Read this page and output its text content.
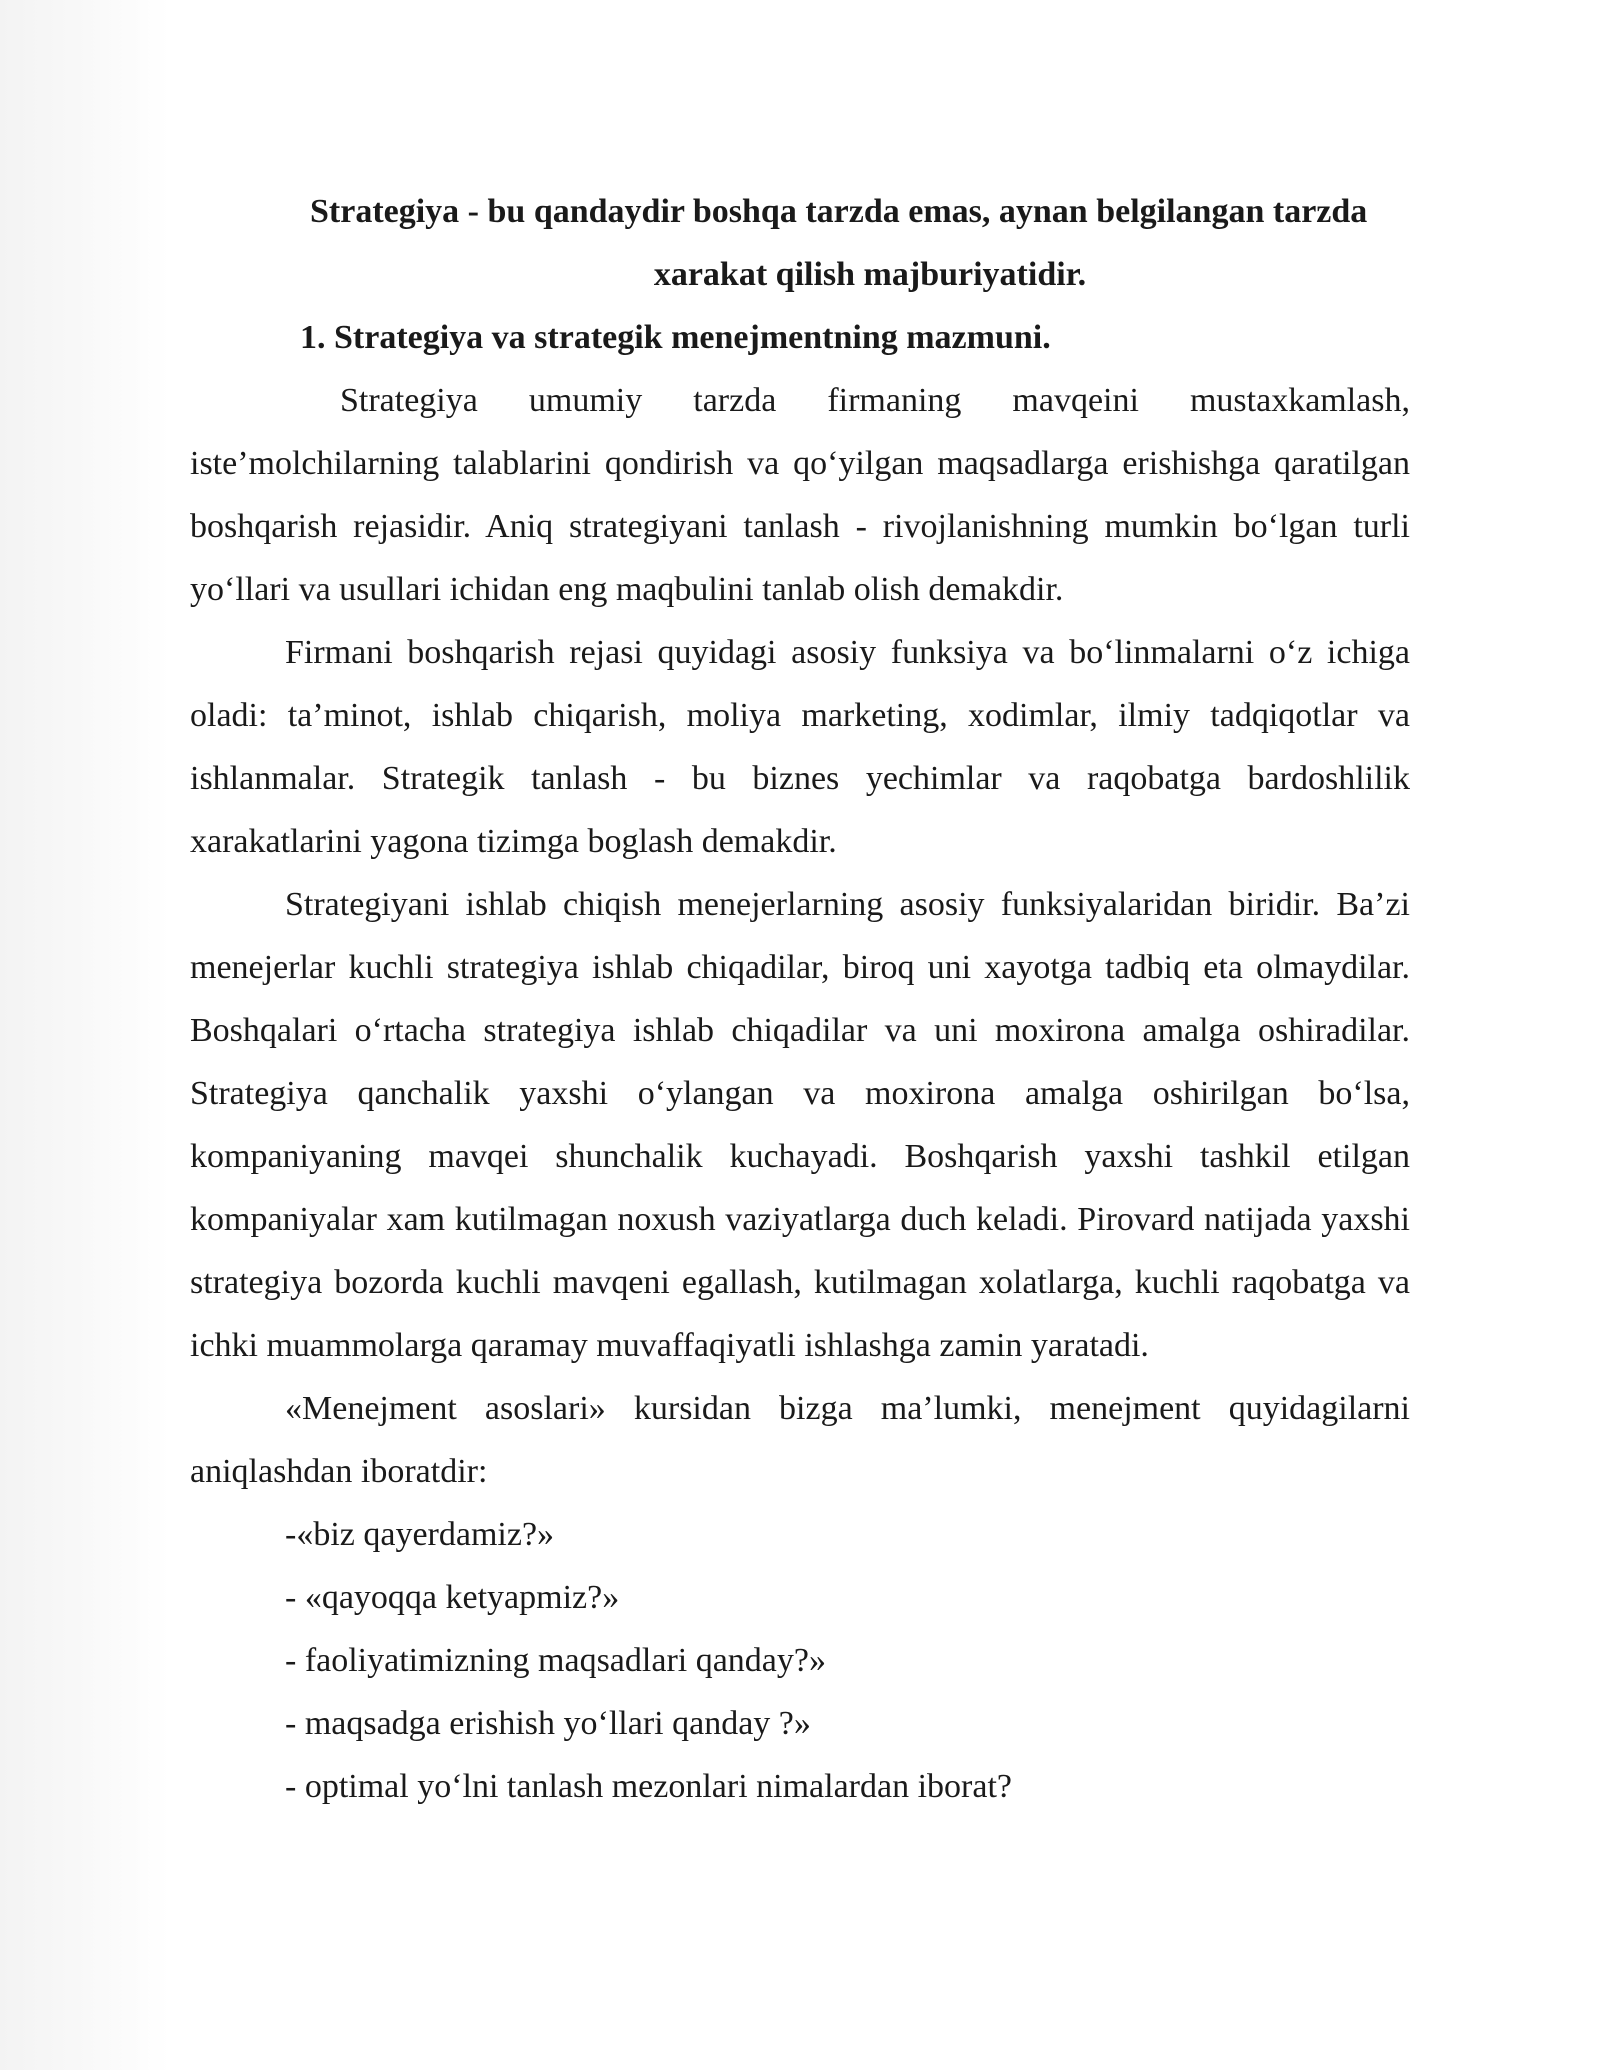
Strategiya - bu qandaydir boshqa tarzda emas, aynan belgilangan tarzda
xarakat qilish majburiyatidir.
1. Strategiya va strategik menejmentning mazmuni.

Strategiya umumiy tarzda firmaning mavqeini mustaxkamlash, iste’molchilarning talablarini qondirish va qo‘yilgan maqsadlarga erishishga qaratilgan boshqarish rejasidir. Aniq strategiyani tanlash - rivojlanishning mumkin bo‘lgan turli yo‘llari va usullari ichidan eng maqbulini tanlab olish demakdir.

Firmani boshqarish rejasi quyidagi asosiy funksiya va bo‘linmalarni o‘z ichiga oladi: ta’minot, ishlab chiqarish, moliya marketing, xodimlar, ilmiy tadqiqotlar va ishlanmalar. Strategik tanlash - bu biznes yechimlar va raqobatga bardoshlilik xarakatlarini yagona tizimga boglash demakdir.

Strategiyani ishlab chiqish menejerlarning asosiy funksiyalaridan biridir. Ba’zi menejerlar kuchli strategiya ishlab chiqadilar, biroq uni xayotga tadbiq eta olmaydilar. Boshqalari o‘rtacha strategiya ishlab chiqadilar va uni moxirona amalga oshiradilar. Strategiya qanchalik yaxshi o‘ylangan va moxirona amalga oshirilgan bo‘lsa, kompaniyaning mavqei shunchalik kuchayadi. Boshqarish yaxshi tashkil etilgan kompaniyalar xam kutilmagan noxush vaziyatlarga duch keladi. Pirovard natijada yaxshi strategiya bozorda kuchli mavqeni egallash, kutilmagan xolatlarga, kuchli raqobatga va ichki muammolarga qaramay muvaffaqiyatli ishlashga zamin yaratadi.

«Menejment asoslari» kursidan bizga ma’lumki, menejment quyidagilarni aniqlashdan iboratdir:

-«biz qayerdamiz?»
- «qayoqqa ketyapmiz?»
- faoliyatimizning maqsadlari qanday?»
- maqsadga erishish yo‘llari qanday ?»
- optimal yo‘lni tanlash mezonlari nimalardan iborat?
